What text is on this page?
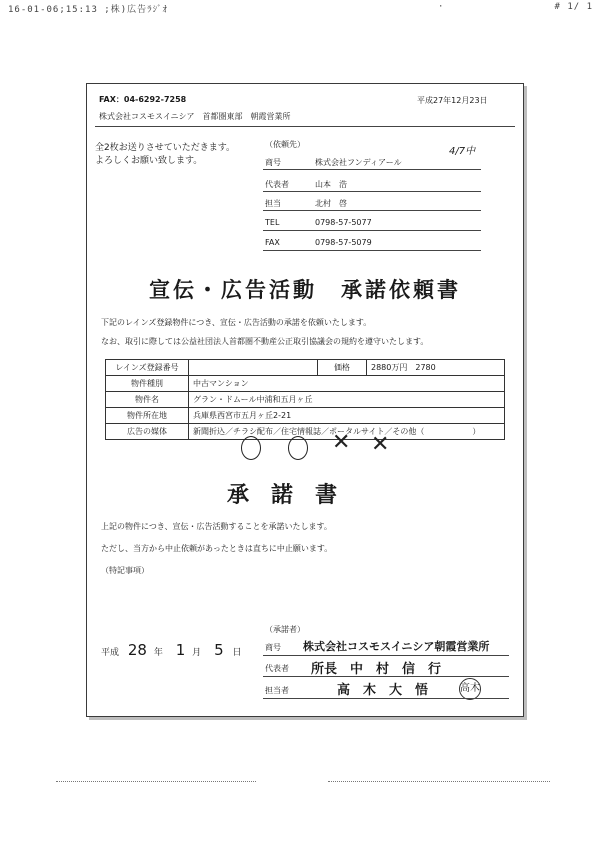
16-01-06;15:13 ;株)広告ﾗｼﾞｵ	·	# 1/ 1
FAX：04-6292-7258
株式会社コスモスイニシア　首都圏東部　朝霞営業所
平成27年12月23日
全2枚お送りさせていただきます。
よろしくお願い致します。
（依頼先）
商号	株式会社フンディアール
4/7中
代表者	山本　浩
担当	北村　啓
TEL	0798-57-5077
FAX	0798-57-5079
宣伝・広告活動　承諾依頼書
下記のレインズ登録物件につき、宣伝・広告活動の承諾を依頼いたします。
なお、取引に際しては公益社団法人首都圏不動産公正取引協議会の規約を遵守いたします。
レインズ登録番号		価格	2880万円　2780
物件種別	中古マンション		
物件名	グラン・ドムール中浦和五月ヶ丘		
物件所在地	兵庫県西宮市五月ヶ丘2-21		
広告の媒体	新聞折込／チラシ配布／住宅情報誌／ポータルサイト／その他（　　　　　　）		
✕ ✕
承　諾　書
上記の物件につき、宣伝・広告活動することを承諾いたします。
ただし、当方から中止依頼があったときは直ちに中止願います。
（特記事項）
平成 28 年 1 月 5 日
（承諾者）
商号 株式会社コスモスイニシア朝霞営業所
代表者 所長　中　村　信　行
担当者	高　木　大　悟	高木
